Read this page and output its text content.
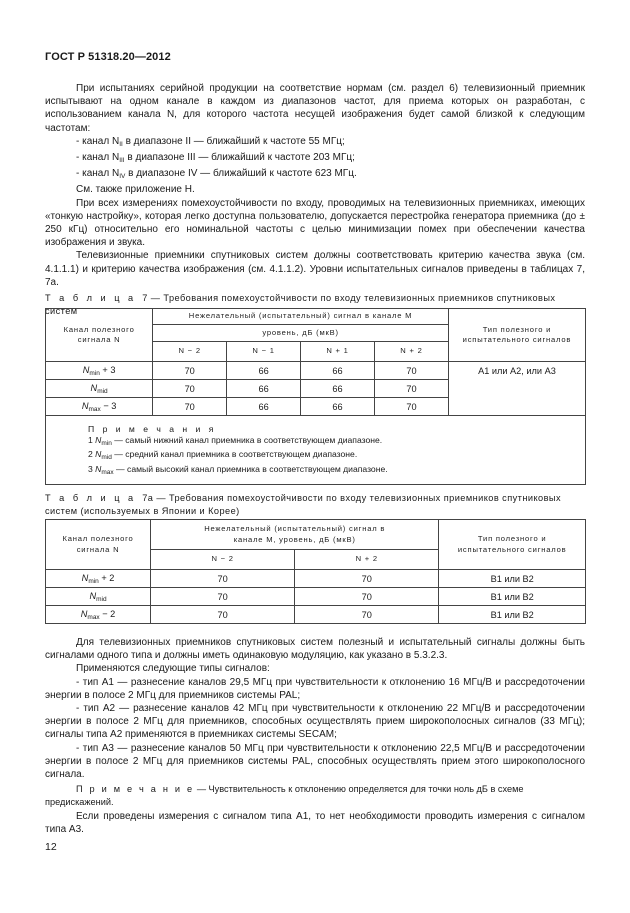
ГОСТ Р 51318.20—2012

При испытаниях серийной продукции на соответствие нормам (см. раздел 6) телевизионный приемник испытывают на одном канале в каждом из диапазонов частот, для приема которых он разработан, с использованием канала N, для которого частота несущей изображения будет самой близкой к следующим частотам:

- канал $N_{II}$ в диапазоне II — ближайший к частоте 55 МГц;

- канал $N_{III}$ в диапазоне III — ближайший к частоте 203 МГц;

- канал $N_{IV}$ в диапазоне IV — ближайший к частоте 623 МГц.

См. также приложение Н.

При всех измерениях помехоустойчивости по входу, проводимых на телевизионных приемниках, имеющих «тонкую настройку», которая легко доступна пользователю, допускается перестройка генератора приемника (до ± 250 кГц) относительно его номинальной частоты с целью минимизации помех при обеспечении качества изображения и звука.

Телевизионные приемники спутниковых систем должны соответствовать критерию качества звука (см. 4.1.1.1) и критерию качества изображения (см. 4.1.1.2). Уровни испытательных сигналов приведены в таблицах 7, 7а.

Т а б л и ц а 7 — Требования помехоустойчивости по входу телевизионных приемников спутниковых систем
Канал полезного сигнала N	Нежелательный (испытательный) сигнал в канале M				Тип полезного и испытательного сигналов
	уровень, дБ (мкВ)				
	N − 2	N − 1	N + 1	N + 2	
$N_{min} + 3$	70	66	66	70	А1 или А2, или А3
$N_{mid}$	70	66	66	70	
$N_{max} - 3$	70	66	66	70	

П р и м е ч а н и я
1 $N_{min}$ — самый нижний канал приемника в соответствующем диапазоне.
2 $N_{mid}$ — средний канал приемника в соответствующем диапазоне.
3 $N_{max}$ — самый высокий канал приемника в соответствующем диапазоне.					
Т а б л и ц а 7а — Требования помехоустойчивости по входу телевизионных приемников спутниковых систем (используемых в Японии и Корее)
Канал полезного сигнала N	Нежелательный (испытательный) сигнал в канале М, уровень, дБ (мкВ)		Тип полезного и испытательного сигналов
	N − 2	N + 2	
$N_{min} + 2$	70	70	В1 или В2
$N_{mid}$	70	70	В1 или В2
$N_{max} - 2$	70	70	В1 или В2

Для телевизионных приемников спутниковых систем полезный и испытательный сигналы должны быть сигналами одного типа и должны иметь одинаковую модуляцию, как указано в 5.3.2.3.

Применяются следующие типы сигналов:

- тип А1 — разнесение каналов 29,5 МГц при чувствительности к отклонению 16 МГц/В и рассредоточении энергии в полосе 2 МГц для приемников системы PAL;

- тип А2 — разнесение каналов 42 МГц при чувствительности к отклонению 22 МГц/В и рассредоточении энергии в полосе 2 МГц для приемников, способных осуществлять прием широкополосных сигналов (33 МГц); сигналы типа А2 применяются в приемниках системы SECAM;

- тип А3 — разнесение каналов 50 МГц при чувствительности к отклонению 22,5 МГц/В и рассредоточении энергии в полосе 2 МГц для приемников системы PAL, способных осуществлять прием этого широкополосного сигнала.

П р и м е ч а н и е — Чувствительность к отклонению определяется для точки ноль дБ в схеме предискажений.

Если проведены измерения с сигналом типа А1, то нет необходимости проводить измерения с сигналом типа А3.

12
